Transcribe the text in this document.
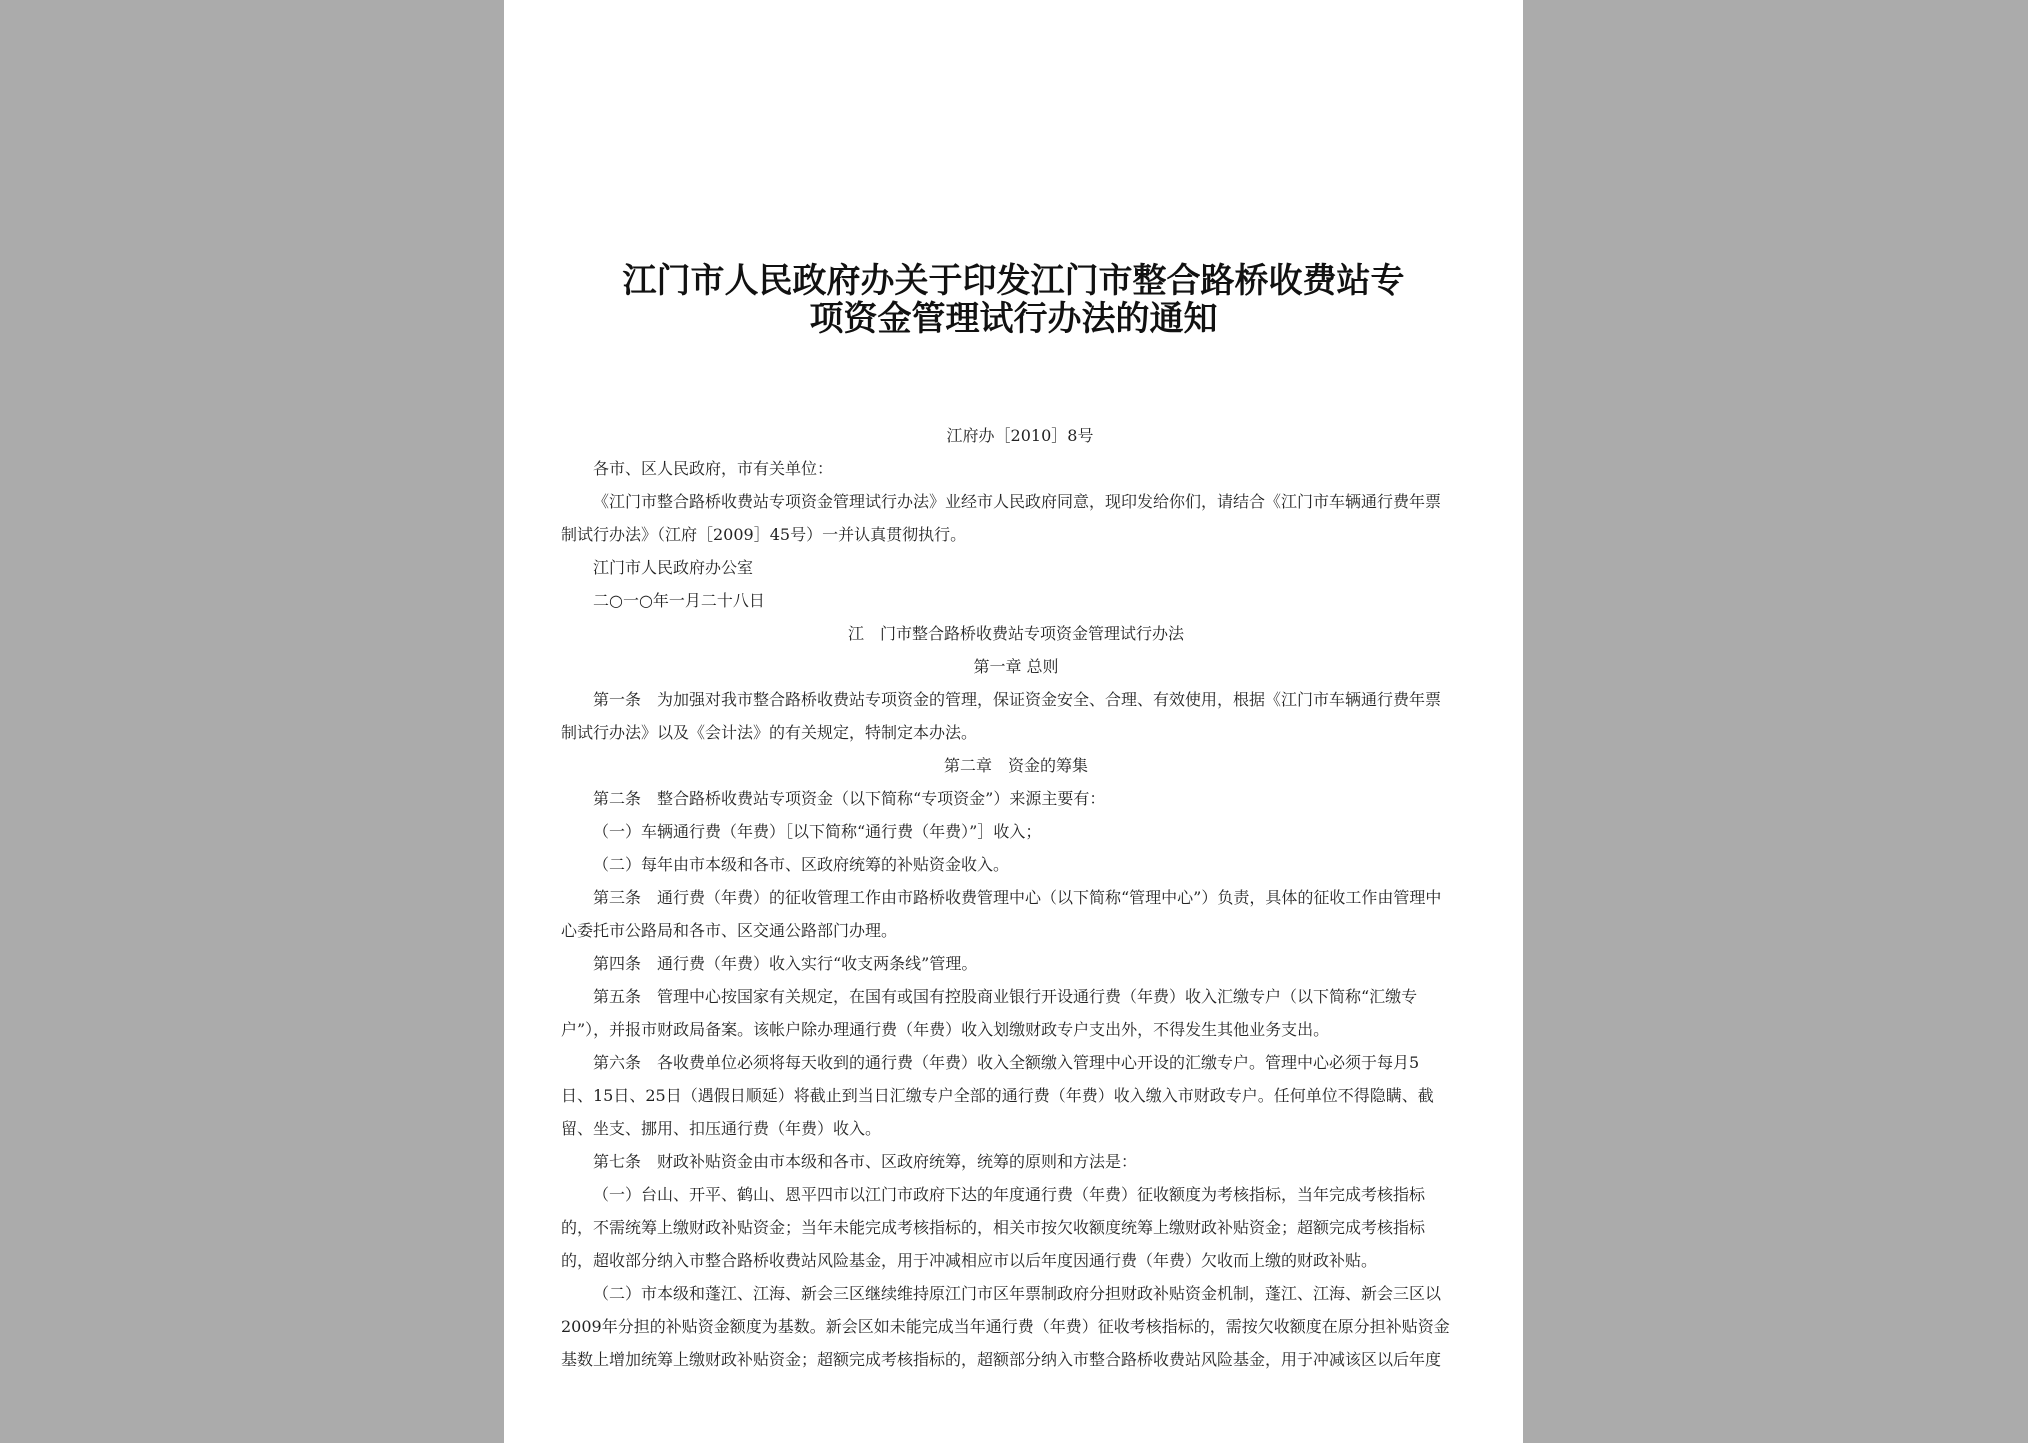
江门市人民政府办关于印发江门市整合路桥收费站专
项资金管理试行办法的通知
江府办［2010］8号
各市、区人民政府，市有关单位：
《江门市整合路桥收费站专项资金管理试行办法》业经市人民政府同意，现印发给你们，请结合《江门市车辆通行费年票
制试行办法》（江府［2009］45号）一并认真贯彻执行。
江门市人民政府办公室
二○一○年一月二十八日
江　门市整合路桥收费站专项资金管理试行办法
第一章 总则
第一条　为加强对我市整合路桥收费站专项资金的管理，保证资金安全、合理、有效使用，根据《江门市车辆通行费年票
制试行办法》以及《会计法》的有关规定，特制定本办法。
第二章　资金的筹集
第二条　整合路桥收费站专项资金（以下简称“专项资金”）来源主要有：
（一）车辆通行费（年费）［以下简称“通行费（年费）”］收入；
（二）每年由市本级和各市、区政府统筹的补贴资金收入。
第三条　通行费（年费）的征收管理工作由市路桥收费管理中心（以下简称“管理中心”）负责，具体的征收工作由管理中
心委托市公路局和各市、区交通公路部门办理。
第四条　通行费（年费）收入实行“收支两条线”管理。
第五条　管理中心按国家有关规定，在国有或国有控股商业银行开设通行费（年费）收入汇缴专户（以下简称“汇缴专
户”），并报市财政局备案。该帐户除办理通行费（年费）收入划缴财政专户支出外，不得发生其他业务支出。
第六条　各收费单位必须将每天收到的通行费（年费）收入全额缴入管理中心开设的汇缴专户。管理中心必须于每月5
日、15日、25日（遇假日顺延）将截止到当日汇缴专户全部的通行费（年费）收入缴入市财政专户。任何单位不得隐瞒、截
留、坐支、挪用、扣压通行费（年费）收入。
第七条　财政补贴资金由市本级和各市、区政府统筹，统筹的原则和方法是：
（一）台山、开平、鹤山、恩平四市以江门市政府下达的年度通行费（年费）征收额度为考核指标，当年完成考核指标
的，不需统筹上缴财政补贴资金；当年未能完成考核指标的，相关市按欠收额度统筹上缴财政补贴资金；超额完成考核指标
的，超收部分纳入市整合路桥收费站风险基金，用于冲减相应市以后年度因通行费（年费）欠收而上缴的财政补贴。
（二）市本级和蓬江、江海、新会三区继续维持原江门市区年票制政府分担财政补贴资金机制，蓬江、江海、新会三区以
2009年分担的补贴资金额度为基数。新会区如未能完成当年通行费（年费）征收考核指标的，需按欠收额度在原分担补贴资金
基数上增加统筹上缴财政补贴资金；超额完成考核指标的，超额部分纳入市整合路桥收费站风险基金，用于冲减该区以后年度
